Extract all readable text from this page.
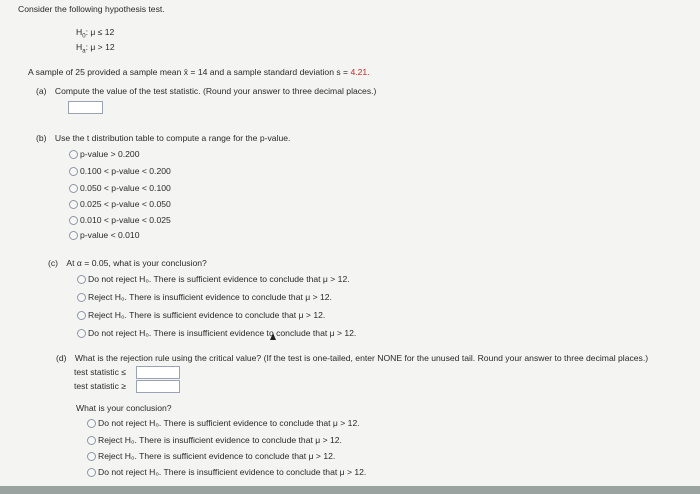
Consider the following hypothesis test.
$H_0$: μ ≤ 12
$H_a$: μ > 12
A sample of 25 provided a sample mean x̄ = 14 and a sample standard deviation s = 4.21.
(a) Compute the value of the test statistic. (Round your answer to three decimal places.)
(b) Use the t distribution table to compute a range for the p-value.
p-value > 0.200
0.100 < p-value < 0.200
0.050 < p-value < 0.100
0.025 < p-value < 0.050
0.010 < p-value < 0.025
p-value < 0.010
(c) At α = 0.05, what is your conclusion?
Do not reject H₀. There is sufficient evidence to conclude that μ > 12.
Reject H₀. There is insufficient evidence to conclude that μ > 12.
Reject H₀. There is sufficient evidence to conclude that μ > 12.
Do not reject H₀. There is insufficient evidence to conclude that μ > 12.
(d) What is the rejection rule using the critical value? (If the test is one-tailed, enter NONE for the unused tail. Round your answer to three decimal places.)
test statistic ≤
test statistic ≥
What is your conclusion?
Do not reject H₀. There is sufficient evidence to conclude that μ > 12.
Reject H₀. There is insufficient evidence to conclude that μ > 12.
Reject H₀. There is sufficient evidence to conclude that μ > 12.
Do not reject H₀. There is insufficient evidence to conclude that μ > 12.
